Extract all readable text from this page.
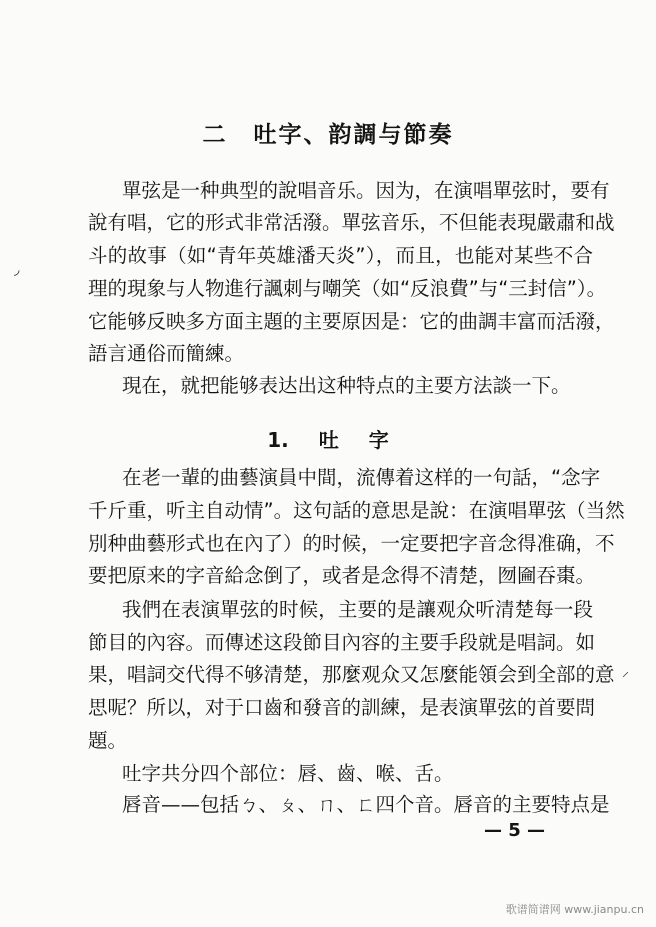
二 吐字、韵調与節奏
單弦是一种典型的說唱音乐。因为，在演唱單弦时，要有
說有唱，它的形式非常活潑。單弦音乐，不但能表現嚴肅和战
斗的故事（如“青年英雄潘天炎”），而且，也能对某些不合
理的現象与人物進行諷刺与嘲笑（如“反浪費”与“三封信”）。
它能够反映多方面主題的主要原因是：它的曲調丰富而活潑，
語言通俗而簡練。
現在，就把能够表达出这种特点的主要方法談一下。
1. 吐 字
在老一輩的曲藝演員中間，流傳着这样的一句話，“念字
千斤重，听主自动情”。这句話的意思是說：在演唱單弦（当然
別种曲藝形式也在內了）的时候，一定要把字音念得准确，不
要把原来的字音給念倒了，或者是念得不清楚，囫圇吞棗。
我們在表演單弦的时候，主要的是讓观众听清楚每一段
節目的內容。而傳述这段節目內容的主要手段就是唱詞。如
果，唱詞交代得不够清楚，那麼观众又怎麼能領会到全部的意
思呢？所以，对于口齒和發音的訓練，是表演單弦的首要問
題。
吐字共分四个部位：唇、齒、喉、舌。
唇音——包括ㄅ、ㄆ、ㄇ、ㄈ四个音。唇音的主要特点是
◞
⸝
— 5 —
歌谱简谱网 www.jianpu.cn
